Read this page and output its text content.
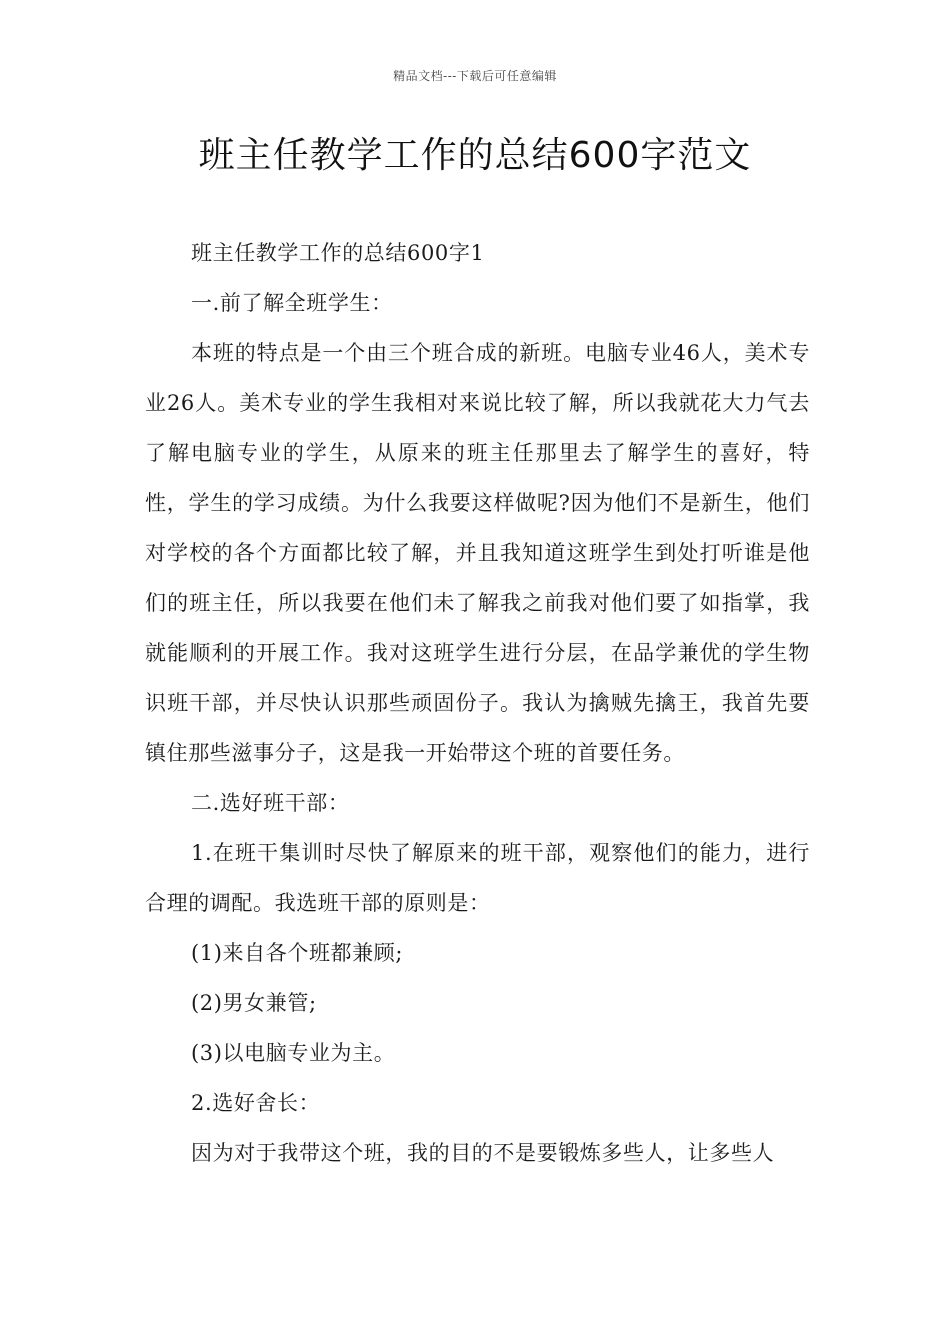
精品文档---下载后可任意编辑
班主任教学工作的总结600字范文

班主任教学工作的总结600字1

一.前了解全班学生：

本班的特点是一个由三个班合成的新班。电脑专业46人，美术专业26人。美术专业的学生我相对来说比较了解，所以我就花大力气去了解电脑专业的学生，从原来的班主任那里去了解学生的喜好，特性，学生的学习成绩。为什么我要这样做呢?因为他们不是新生，他们对学校的各个方面都比较了解，并且我知道这班学生到处打听谁是他们的班主任，所以我要在他们未了解我之前我对他们要了如指掌，我就能顺利的开展工作。我对这班学生进行分层，在品学兼优的学生物识班干部，并尽快认识那些顽固份子。我认为擒贼先擒王，我首先要镇住那些滋事分子，这是我一开始带这个班的首要任务。

二.选好班干部：

1.在班干集训时尽快了解原来的班干部，观察他们的能力，进行合理的调配。我选班干部的原则是：

(1)来自各个班都兼顾;

(2)男女兼管;

(3)以电脑专业为主。

2.选好舍长：

因为对于我带这个班，我的目的不是要锻炼多些人，让多些人
